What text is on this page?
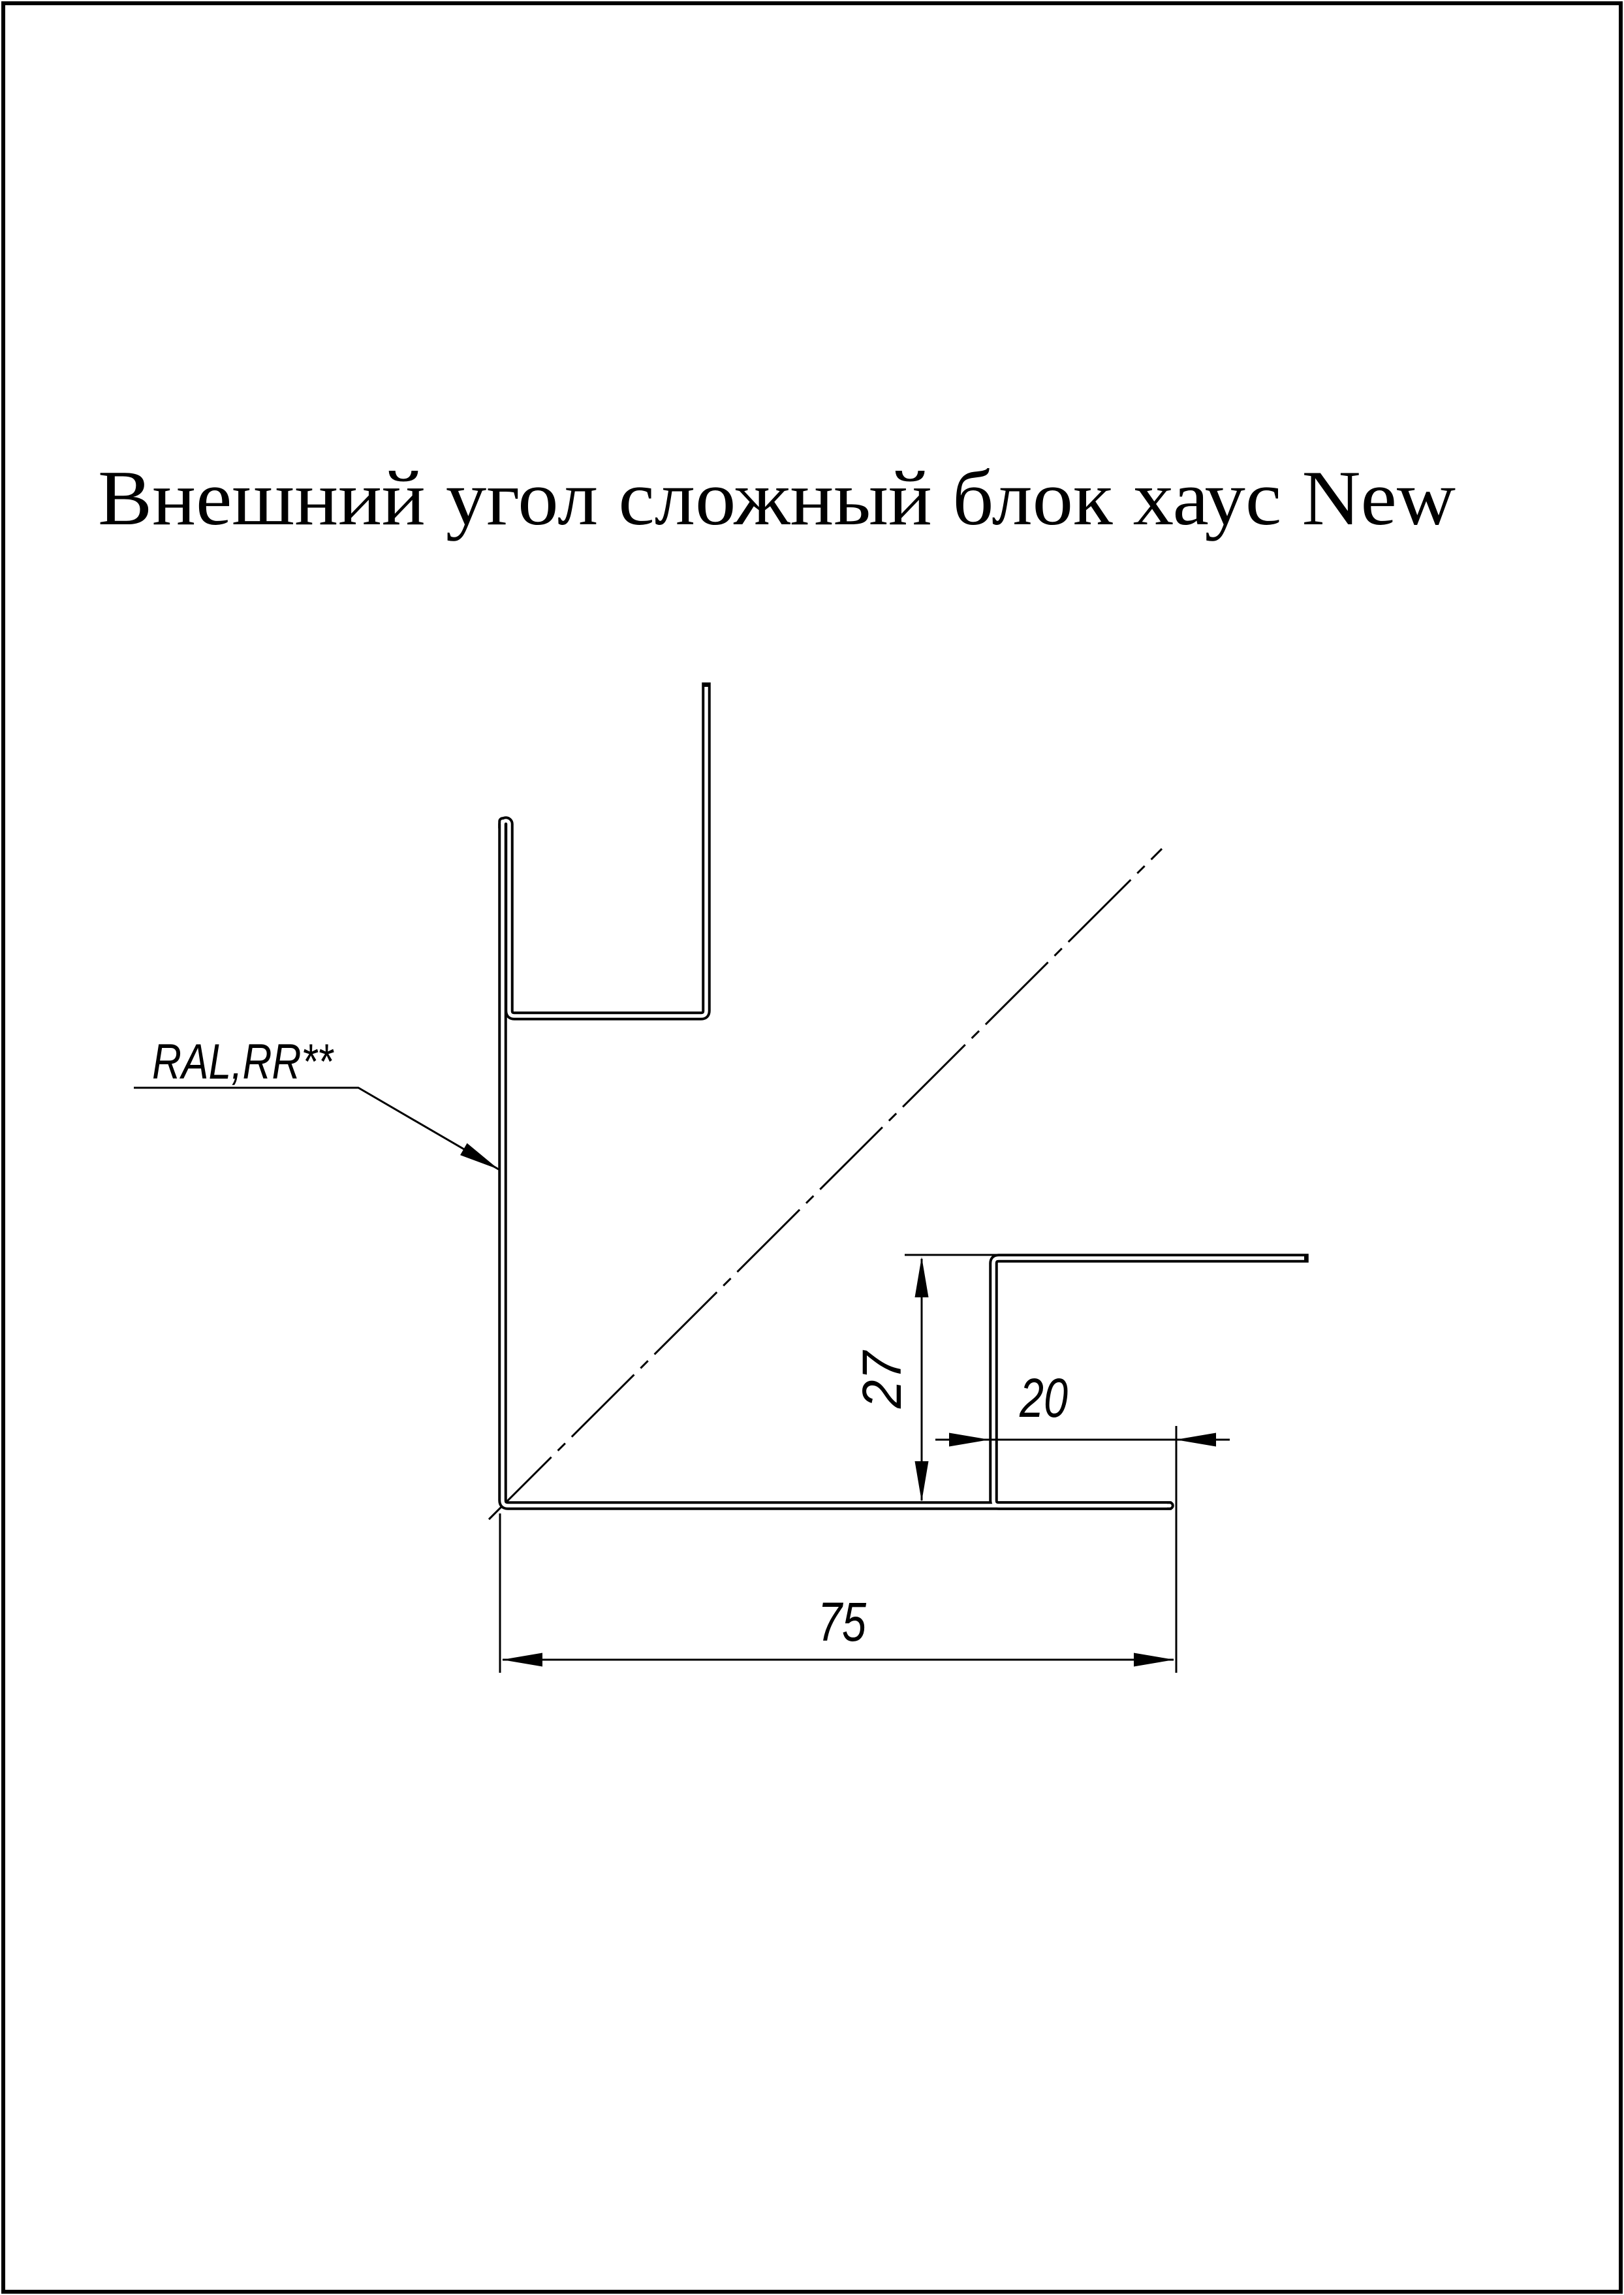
Внешний угол сложный блок хаус New
27 20
75
RAL,RR**
